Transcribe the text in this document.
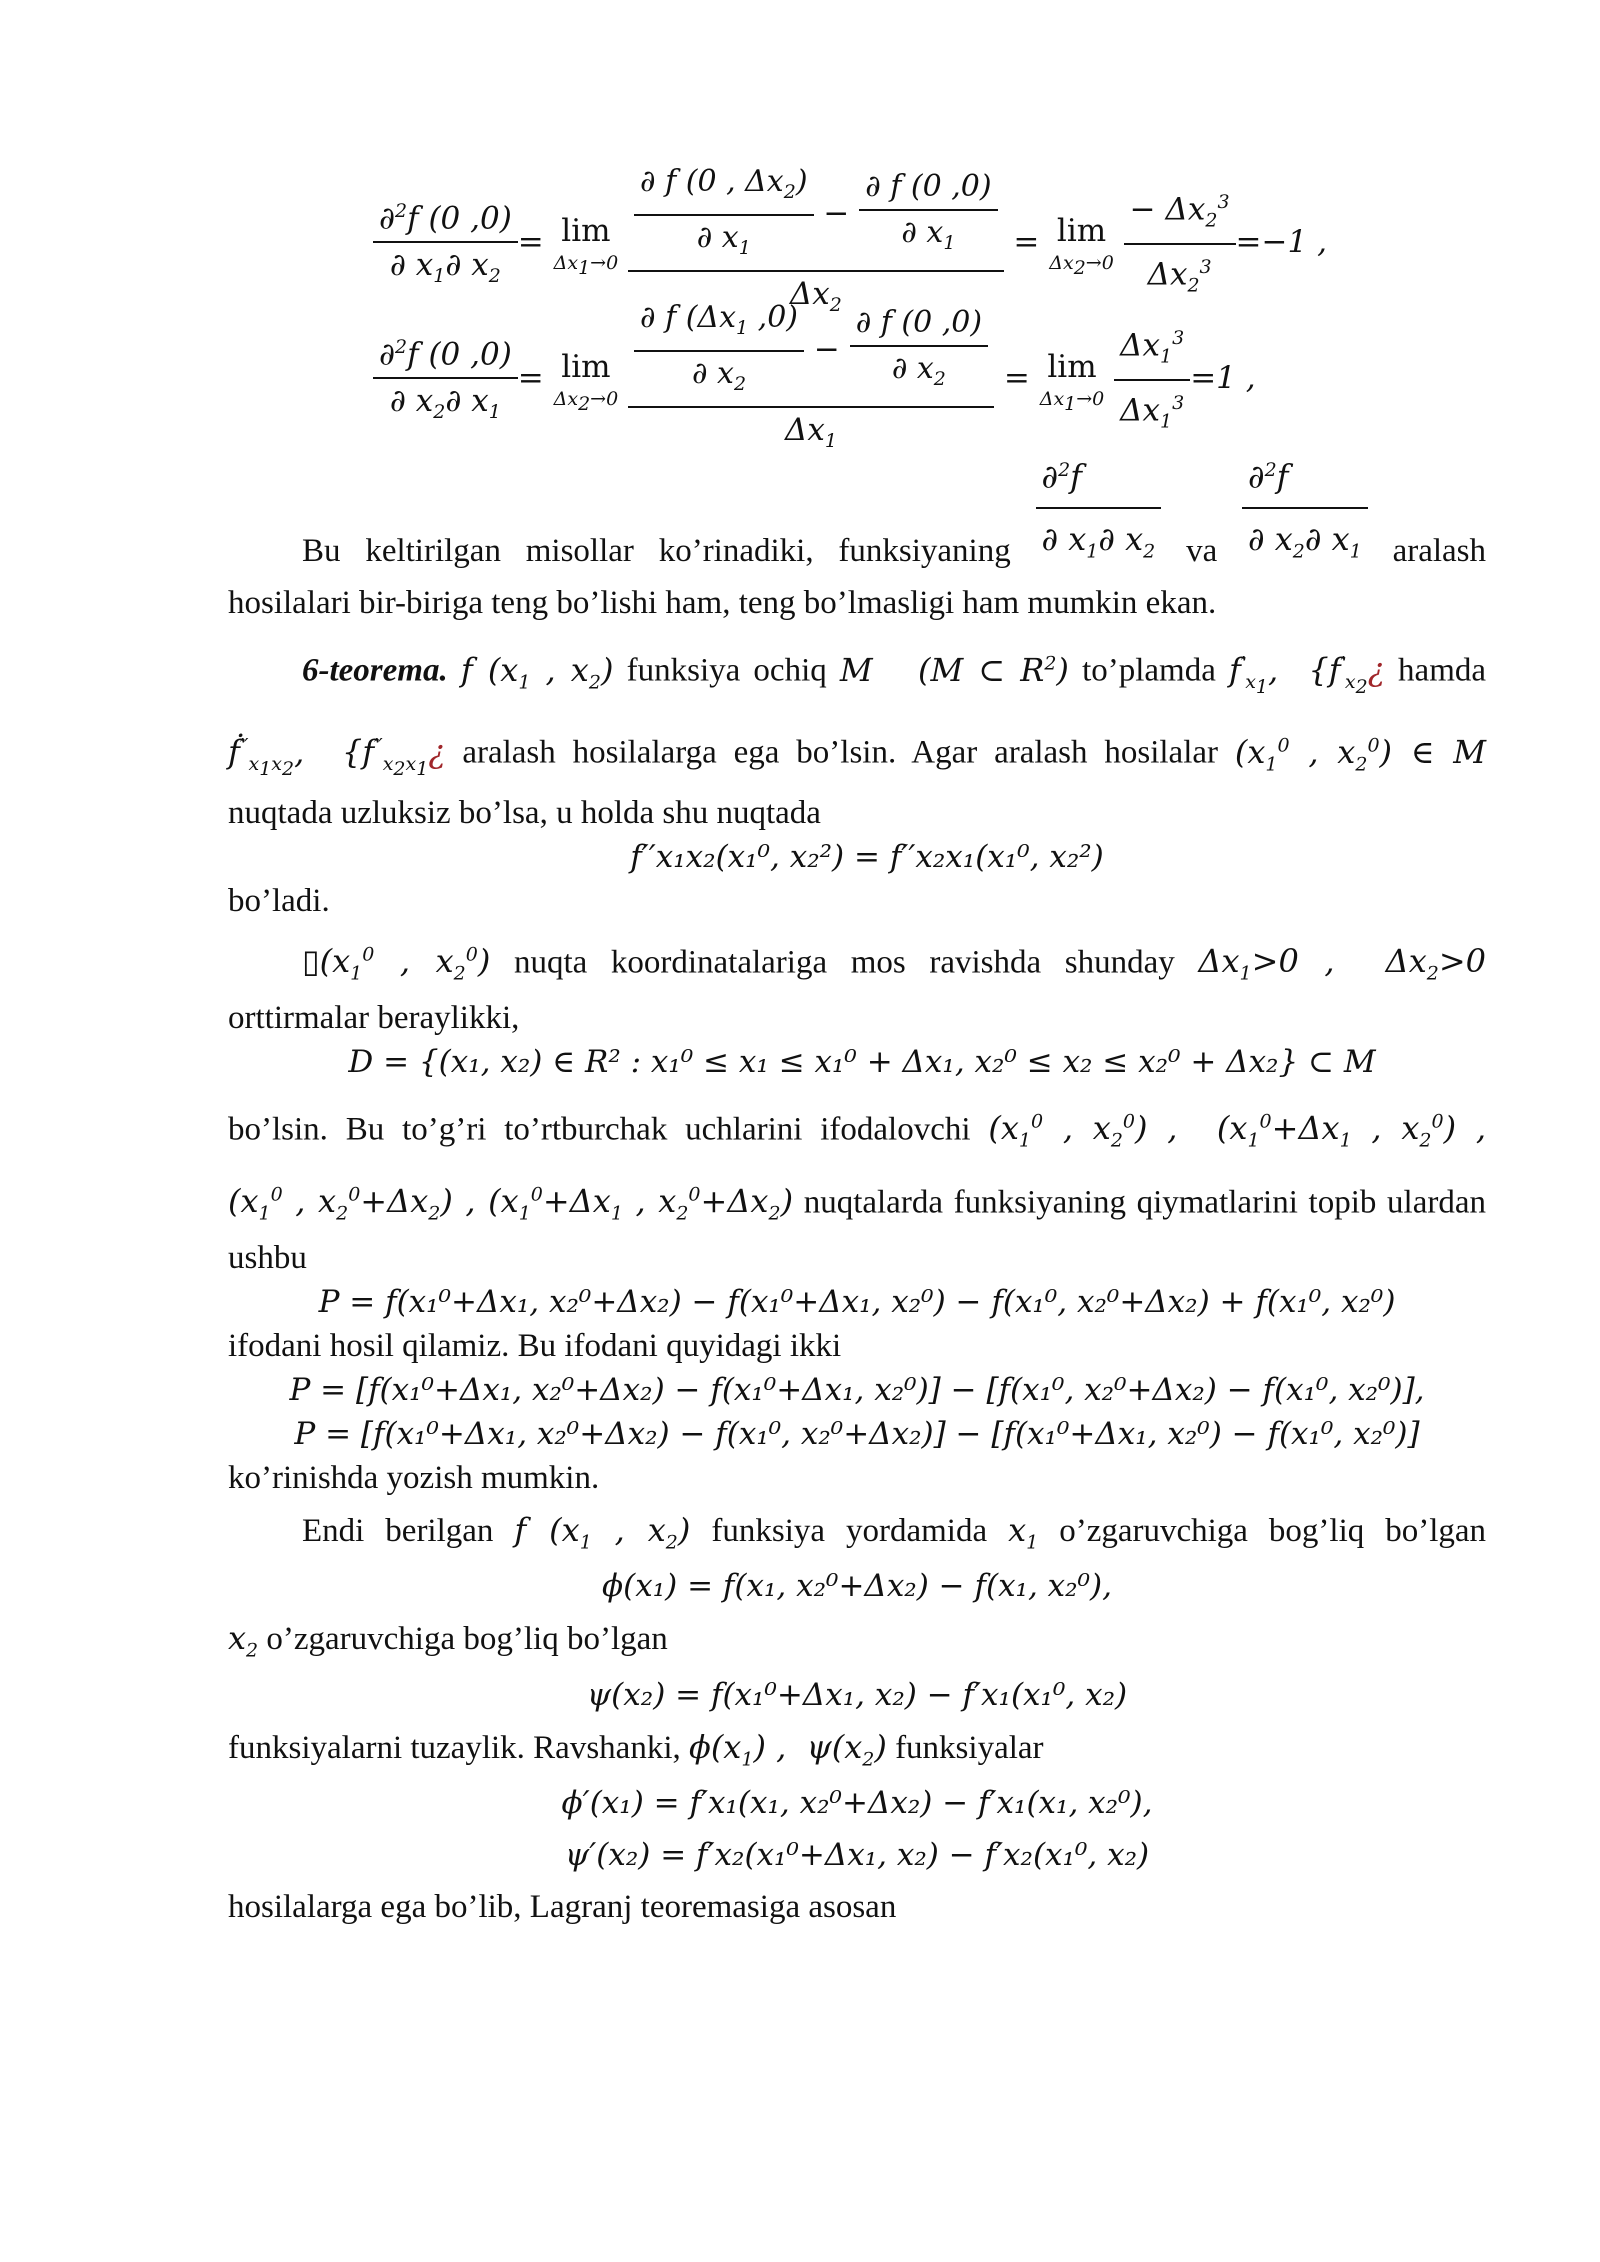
$\frac{\partial^2f (0 ,0)}{\partial x_1\partial x_2} = \lim$
$\Delta x_1\to 0$
$\frac{\frac{\partial f (0 , \Delta x_2)}{\partial x_1} - \frac{\partial f (0 ,0)}{\partial x_1}}{\Delta x_2} = \lim$
$\Delta x_2\to 0$
$\frac{- \Delta x_2^3}{\Delta x_2^3} =-1$ ,
$\frac{\partial^2f (0 ,0)}{\partial x_2\partial x_1} = \lim$
$\Delta x_2\to 0$
$\frac{\frac{\partial f (\Delta x_1 ,0)}{\partial x_2} - \frac{\partial f (0 ,0)}{\partial x_2}}{\Delta x_1} = \lim$
$\Delta x_1\to 0$
$\frac{\Delta x_1^3}{\Delta x_1^3} =1$ ,
Bu keltirilgan misollar ko’rinadiki, funksiyaning $\frac{\partial^2f}{\partial x_1\partial x_2}$ va $\frac{\partial^2f}{\partial x_2\partial x_1}$ aralash
hosilalari bir-biriga teng bo’lishi ham, teng bo’lmasligi ham mumkin ekan.
6-teorema. f ($x_1$ , $x_2$) funksiya ochiq M   (M ⊂ $R^2$) to’plamda $f'_{x_1}$,  {$f'_{x_2}¿$ hamda
ḟ′′$_{x_1x_2}$,  {$f''_{x_2x_1}¿$ aralash hosilalarga ega bo’lsin. Agar aralash hosilalar ($x_1^0$ , $x_2^0$) ∈ M
nuqtada uzluksiz bo’lsa, u holda shu nuqtada
f′′x₁x₂(x₁⁰, x₂²) = f′′x₂x₁(x₁⁰, x₂²)
bo’ladi.
$▯(x_1^0$ , $x_2^0$) nuqta koordinatalariga mos ravishda shunday $\Delta x_1>0$ ,  $\Delta x_2>0$
orttirmalar beraylikki,
D = {(x₁, x₂) ∈ R² : x₁⁰ ≤ x₁ ≤ x₁⁰ + Δx₁, x₂⁰ ≤ x₂ ≤ x₂⁰ + Δx₂} ⊂ M
bo’lsin. Bu to’g’ri to’rtburchak uchlarini ifodalovchi ($x_1^0$ , $x_2^0$) ,  ($x_1^0+\Delta x_1$ , $x_2^0$) ,
($x_1^0$ , $x_2^0+\Delta x_2$) , ($x_1^0+\Delta x_1$ , $x_2^0+\Delta x_2$) nuqtalarda funksiyaning qiymatlarini topib ulardan
ushbu
P = f(x₁⁰+Δx₁, x₂⁰+Δx₂) − f(x₁⁰+Δx₁, x₂⁰) − f(x₁⁰, x₂⁰+Δx₂) + f(x₁⁰, x₂⁰)
ifodani hosil qilamiz. Bu ifodani quyidagi ikki
P = [f(x₁⁰+Δx₁, x₂⁰+Δx₂) − f(x₁⁰+Δx₁, x₂⁰)] − [f(x₁⁰, x₂⁰+Δx₂) − f(x₁⁰, x₂⁰)],
P = [f(x₁⁰+Δx₁, x₂⁰+Δx₂) − f(x₁⁰, x₂⁰+Δx₂)] − [f(x₁⁰+Δx₁, x₂⁰) − f(x₁⁰, x₂⁰)]
ko’rinishda yozish mumkin.
Endi berilgan f ($x_1$ , $x_2$) funksiya yordamida $x_1$ o’zgaruvchiga bog’liq bo’lgan
ϕ(x₁) = f(x₁, x₂⁰+Δx₂) − f(x₁, x₂⁰),
$x_2$ o’zgaruvchiga bog’liq bo’lgan
ψ(x₂) = f(x₁⁰+Δx₁, x₂) − f′x₁(x₁⁰, x₂)
funksiyalarni tuzaylik. Ravshanki, $\phi(x_1)$ ,  $\psi(x_2)$ funksiyalar
ϕ′(x₁) = f′x₁(x₁, x₂⁰+Δx₂) − f′x₁(x₁, x₂⁰),
ψ′(x₂) = f′x₂(x₁⁰+Δx₁, x₂) − f′x₂(x₁⁰, x₂)
hosilalarga ega bo’lib, Lagranj teoremasiga asosan
